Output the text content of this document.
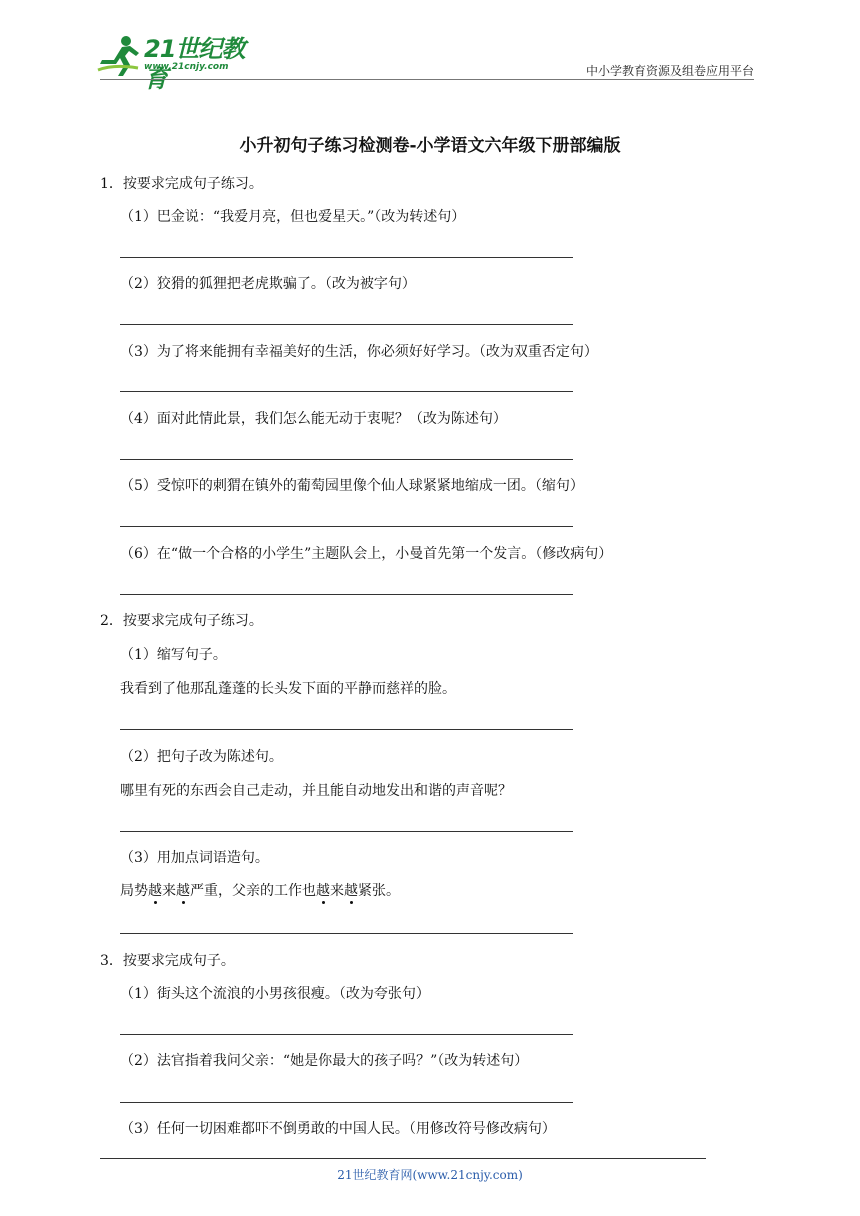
21世纪教育
www.21cnjy.com	中小学教育资源及组卷应用平台
小升初句子练习检测卷-小学语文六年级下册部编版
1．按要求完成句子练习。
（1）巴金说：“我爱月亮，但也爱星天。”（改为转述句）
（2）狡猾的狐狸把老虎欺骗了。（改为被字句）
（3）为了将来能拥有幸福美好的生活，你必须好好学习。（改为双重否定句）
（4）面对此情此景，我们怎么能无动于衷呢？（改为陈述句）
（5）受惊吓的刺猬在镇外的葡萄园里像个仙人球紧紧地缩成一团。（缩句）
（6）在“做一个合格的小学生”主题队会上，小曼首先第一个发言。（修改病句）
2．按要求完成句子练习。
（1）缩写句子。
我看到了他那乱蓬蓬的长头发下面的平静而慈祥的脸。
（2）把句子改为陈述句。
哪里有死的东西会自己走动，并且能自动地发出和谐的声音呢？
（3）用加点词语造句。
局势越来越严重，父亲的工作也越来越紧张。
3．按要求完成句子。
（1）街头这个流浪的小男孩很瘦。（改为夸张句）
（2）法官指着我问父亲：“她是你最大的孩子吗？”（改为转述句）
（3）任何一切困难都吓不倒勇敢的中国人民。（用修改符号修改病句）
21世纪教育网(www.21cnjy.com)
